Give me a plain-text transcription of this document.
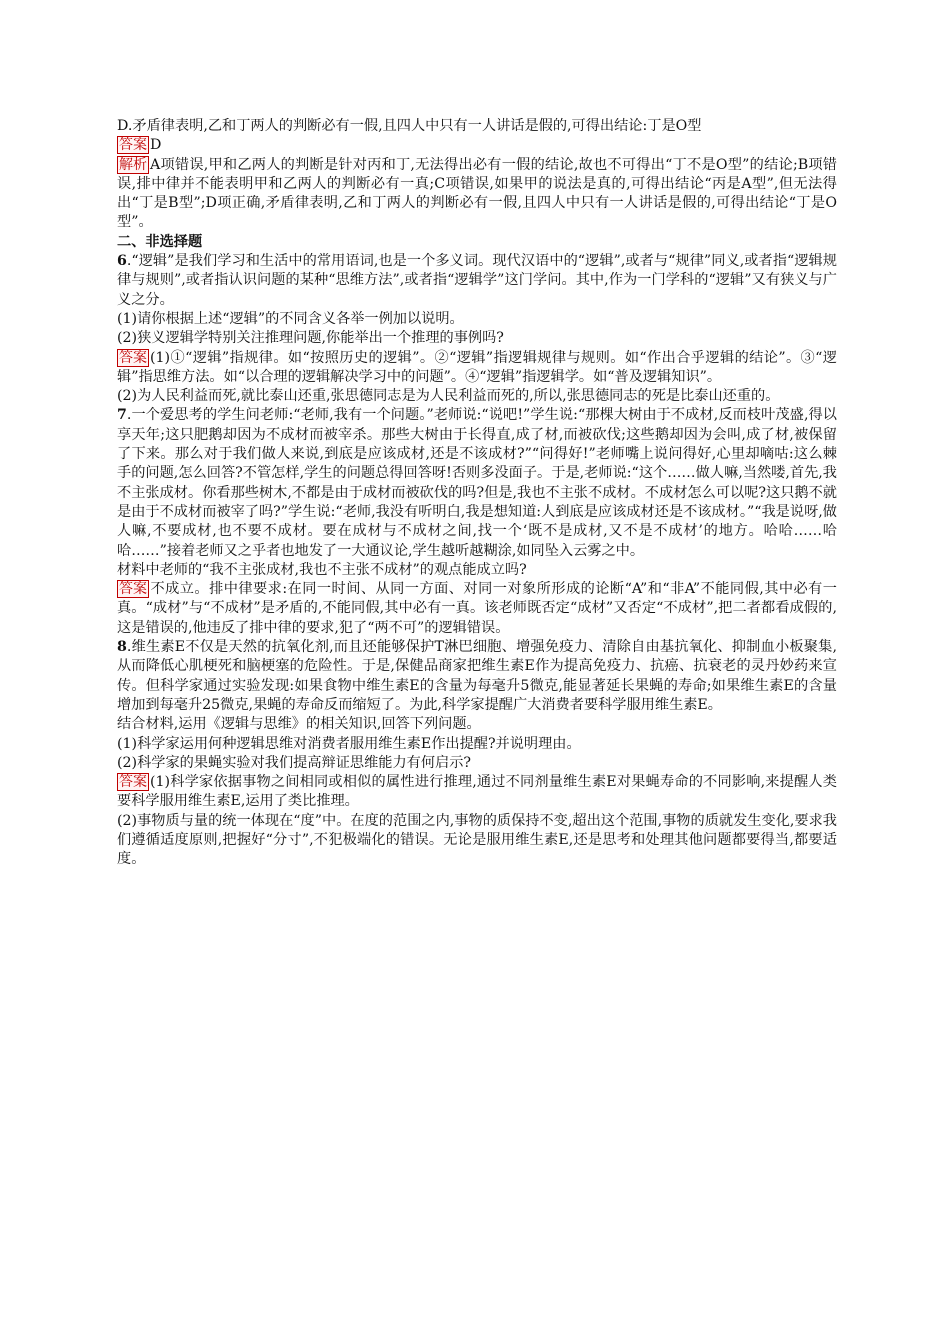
D.矛盾律表明,乙和丁两人的判断必有一假,且四人中只有一人讲话是假的,可得出结论:丁是O型

答案 D

解析 A项错误,甲和乙两人的判断是针对丙和丁,无法得出必有一假的结论,故也不可得出“丁不是O型”的结论;B项错误,排中律并不能表明甲和乙两人的判断必有一真;C项错误,如果甲的说法是真的,可得出结论“丙是A型”,但无法得出“丁是B型”;D项正确,矛盾律表明,乙和丁两人的判断必有一假,且四人中只有一人讲话是假的,可得出结论“丁是O型”。

二、非选择题

6.“逻辑”是我们学习和生活中的常用语词,也是一个多义词。现代汉语中的“逻辑”,或者与“规律”同义,或者指“逻辑规律与规则”,或者指认识问题的某种“思维方法”,或者指“逻辑学”这门学问。其中,作为一门学科的“逻辑”又有狭义与广义之分。

(1)请你根据上述“逻辑”的不同含义各举一例加以说明。

(2)狭义逻辑学特别关注推理问题,你能举出一个推理的事例吗?

答案 (1)①“逻辑”指规律。如“按照历史的逻辑”。②“逻辑”指逻辑规律与规则。如“作出合乎逻辑的结论”。③“逻辑”指思维方法。如“以合理的逻辑解决学习中的问题”。④“逻辑”指逻辑学。如“普及逻辑知识”。

(2)为人民利益而死,就比泰山还重,张思德同志是为人民利益而死的,所以,张思德同志的死是比泰山还重的。

7.一个爱思考的学生问老师:“老师,我有一个问题。”老师说:“说吧!”学生说:“那棵大树由于不成材,反而枝叶茂盛,得以享天年;这只肥鹅却因为不成材而被宰杀。那些大树由于长得直,成了材,而被砍伐;这些鹅却因为会叫,成了材,被保留了下来。那么对于我们做人来说,到底是应该成材,还是不该成材?”“问得好!”老师嘴上说问得好,心里却嘀咕:这么棘手的问题,怎么回答?不管怎样,学生的问题总得回答呀!否则多没面子。于是,老师说:“这个……做人嘛,当然喽,首先,我不主张成材。你看那些树木,不都是由于成材而被砍伐的吗?但是,我也不主张不成材。不成材怎么可以呢?这只鹅不就是由于不成材而被宰了吗?”学生说:“老师,我没有听明白,我是想知道:人到底是应该成材还是不该成材。”“我是说呀,做人嘛,不要成材,也不要不成材。要在成材与不成材之间,找一个‘既不是成材,又不是不成材’的地方。哈哈……哈哈……”接着老师又之乎者也地发了一大通议论,学生越听越糊涂,如同坠入云雾之中。

材料中老师的“我不主张成材,我也不主张不成材”的观点能成立吗?

答案 不成立。排中律要求:在同一时间、从同一方面、对同一对象所形成的论断“A”和“非A”不能同假,其中必有一真。“成材”与“不成材”是矛盾的,不能同假,其中必有一真。该老师既否定“成材”又否定“不成材”,把二者都看成假的,这是错误的,他违反了排中律的要求,犯了“两不可”的逻辑错误。

8.维生素E不仅是天然的抗氧化剂,而且还能够保护T淋巴细胞、增强免疫力、清除自由基抗氧化、抑制血小板聚集,从而降低心肌梗死和脑梗塞的危险性。于是,保健品商家把维生素E作为提高免疫力、抗癌、抗衰老的灵丹妙药来宣传。但科学家通过实验发现:如果食物中维生素E的含量为每毫升5微克,能显著延长果蝇的寿命;如果维生素E的含量增加到每毫升25微克,果蝇的寿命反而缩短了。为此,科学家提醒广大消费者要科学服用维生素E。

结合材料,运用《逻辑与思维》的相关知识,回答下列问题。

(1)科学家运用何种逻辑思维对消费者服用维生素E作出提醒?并说明理由。

(2)科学家的果蝇实验对我们提高辩证思维能力有何启示?

答案 (1)科学家依据事物之间相同或相似的属性进行推理,通过不同剂量维生素E对果蝇寿命的不同影响,来提醒人类要科学服用维生素E,运用了类比推理。

(2)事物质与量的统一体现在“度”中。在度的范围之内,事物的质保持不变,超出这个范围,事物的质就发生变化,要求我们遵循适度原则,把握好“分寸”,不犯极端化的错误。无论是服用维生素E,还是思考和处理其他问题都要得当,都要适度。
